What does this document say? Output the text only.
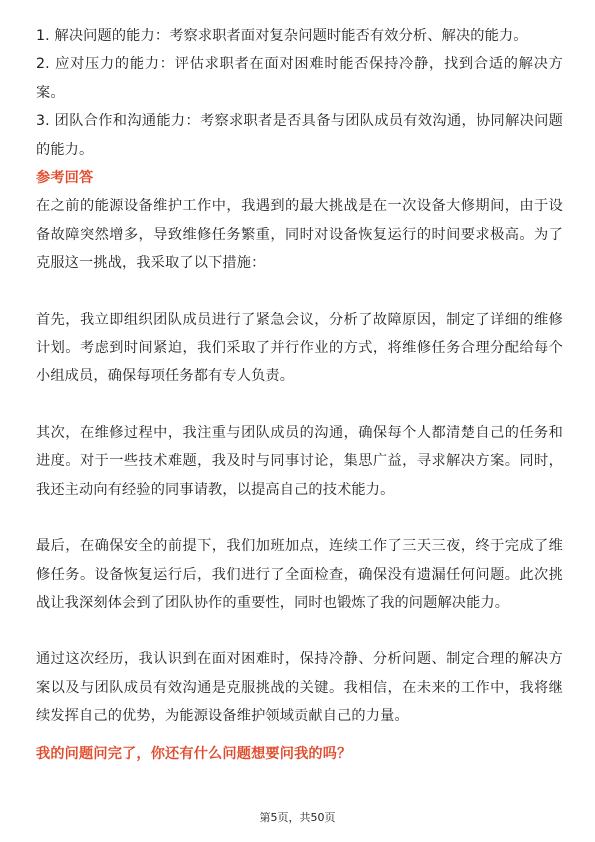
1. 解决问题的能力：考察求职者面对复杂问题时能否有效分析、解决的能力。

2. 应对压力的能力：评估求职者在面对困难时能否保持冷静，找到合适的解决方案。

3. 团队合作和沟通能力：考察求职者是否具备与团队成员有效沟通，协同解决问题的能力。

参考回答

在之前的能源设备维护工作中，我遇到的最大挑战是在一次设备大修期间，由于设备故障突然增多，导致维修任务繁重，同时对设备恢复运行的时间要求极高。为了克服这一挑战，我采取了以下措施：

首先，我立即组织团队成员进行了紧急会议，分析了故障原因，制定了详细的维修计划。考虑到时间紧迫，我们采取了并行作业的方式，将维修任务合理分配给每个小组成员，确保每项任务都有专人负责。

其次，在维修过程中，我注重与团队成员的沟通，确保每个人都清楚自己的任务和进度。对于一些技术难题，我及时与同事讨论，集思广益，寻求解决方案。同时，我还主动向有经验的同事请教，以提高自己的技术能力。

最后，在确保安全的前提下，我们加班加点，连续工作了三天三夜，终于完成了维修任务。设备恢复运行后，我们进行了全面检查，确保没有遗漏任何问题。此次挑战让我深刻体会到了团队协作的重要性，同时也锻炼了我的问题解决能力。

通过这次经历，我认识到在面对困难时，保持冷静、分析问题、制定合理的解决方案以及与团队成员有效沟通是克服挑战的关键。我相信，在未来的工作中，我将继续发挥自己的优势，为能源设备维护领域贡献自己的力量。

我的问题问完了，你还有什么问题想要问我的吗？

第5页，共50页
